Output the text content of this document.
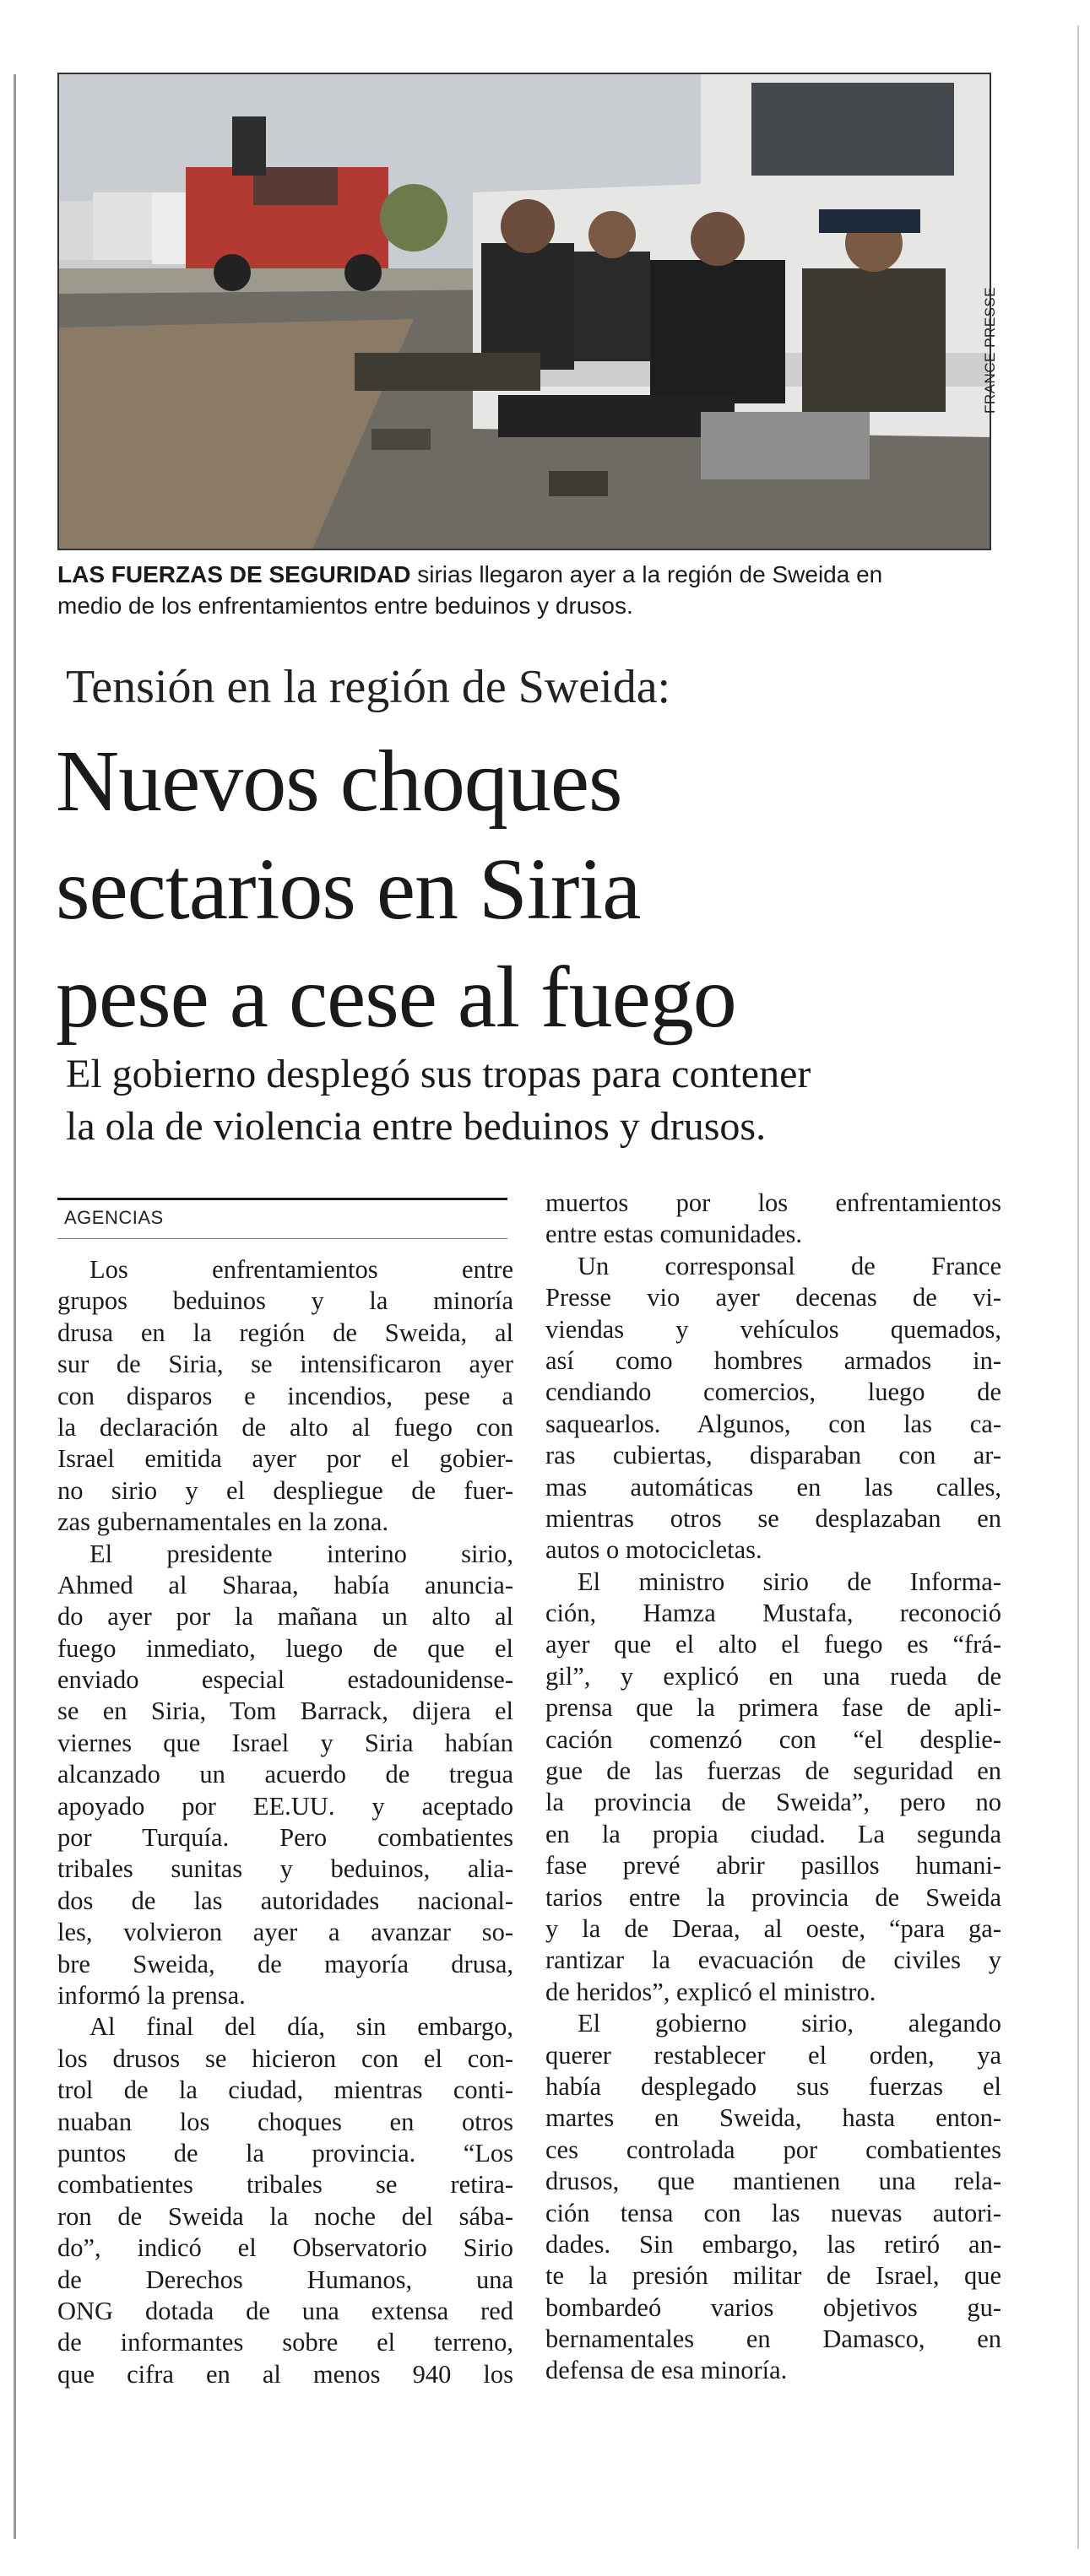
FRANCE PRESSE
LAS FUERZAS DE SEGURIDAD sirias llegaron ayer a la región de Sweida en
medio de los enfrentamientos entre beduinos y drusos.
Tensión en la región de Sweida:
Nuevos choques
sectarios en Siria
pese a cese al fuego
El gobierno desplegó sus tropas para contener
la ola de violencia entre beduinos y drusos.
AGENCIAS
Los enfrentamientos entre
grupos beduinos y la minoría
drusa en la región de Sweida, al
sur de Siria, se intensificaron ayer
con disparos e incendios, pese a
la declaración de alto al fuego con
Israel emitida ayer por el gobier-
no sirio y el despliegue de fuer-
zas gubernamentales en la zona.
El presidente interino sirio,
Ahmed al Sharaa, había anuncia-
do ayer por la mañana un alto al
fuego inmediato, luego de que el
enviado especial estadounidense-
se en Siria, Tom Barrack, dijera el
viernes que Israel y Siria habían
alcanzado un acuerdo de tregua
apoyado por EE.UU. y aceptado
por Turquía. Pero combatientes
tribales sunitas y beduinos, alia-
dos de las autoridades nacional-
les, volvieron ayer a avanzar so-
bre Sweida, de mayoría drusa,
informó la prensa.
Al final del día, sin embargo,
los drusos se hicieron con el con-
trol de la ciudad, mientras conti-
nuaban los choques en otros
puntos de la provincia. “Los
combatientes tribales se retira-
ron de Sweida la noche del sába-
do”, indicó el Observatorio Sirio
de Derechos Humanos, una
ONG dotada de una extensa red
de informantes sobre el terreno,
que cifra en al menos 940 los
muertos por los enfrentamientos
entre estas comunidades.
Un corresponsal de France
Presse vio ayer decenas de vi-
viendas y vehículos quemados,
así como hombres armados in-
cendiando comercios, luego de
saquearlos. Algunos, con las ca-
ras cubiertas, disparaban con ar-
mas automáticas en las calles,
mientras otros se desplazaban en
autos o motocicletas.
El ministro sirio de Informa-
ción, Hamza Mustafa, reconoció
ayer que el alto el fuego es “frá-
gil”, y explicó en una rueda de
prensa que la primera fase de apli-
cación comenzó con “el desplie-
gue de las fuerzas de seguridad en
la provincia de Sweida”, pero no
en la propia ciudad. La segunda
fase prevé abrir pasillos humani-
tarios entre la provincia de Sweida
y la de Deraa, al oeste, “para ga-
rantizar la evacuación de civiles y
de heridos”, explicó el ministro.
El gobierno sirio, alegando
querer restablecer el orden, ya
había desplegado sus fuerzas el
martes en Sweida, hasta enton-
ces controlada por combatientes
drusos, que mantienen una rela-
ción tensa con las nuevas autori-
dades. Sin embargo, las retiró an-
te la presión militar de Israel, que
bombardeó varios objetivos gu-
bernamentales en Damasco, en
defensa de esa minoría.
